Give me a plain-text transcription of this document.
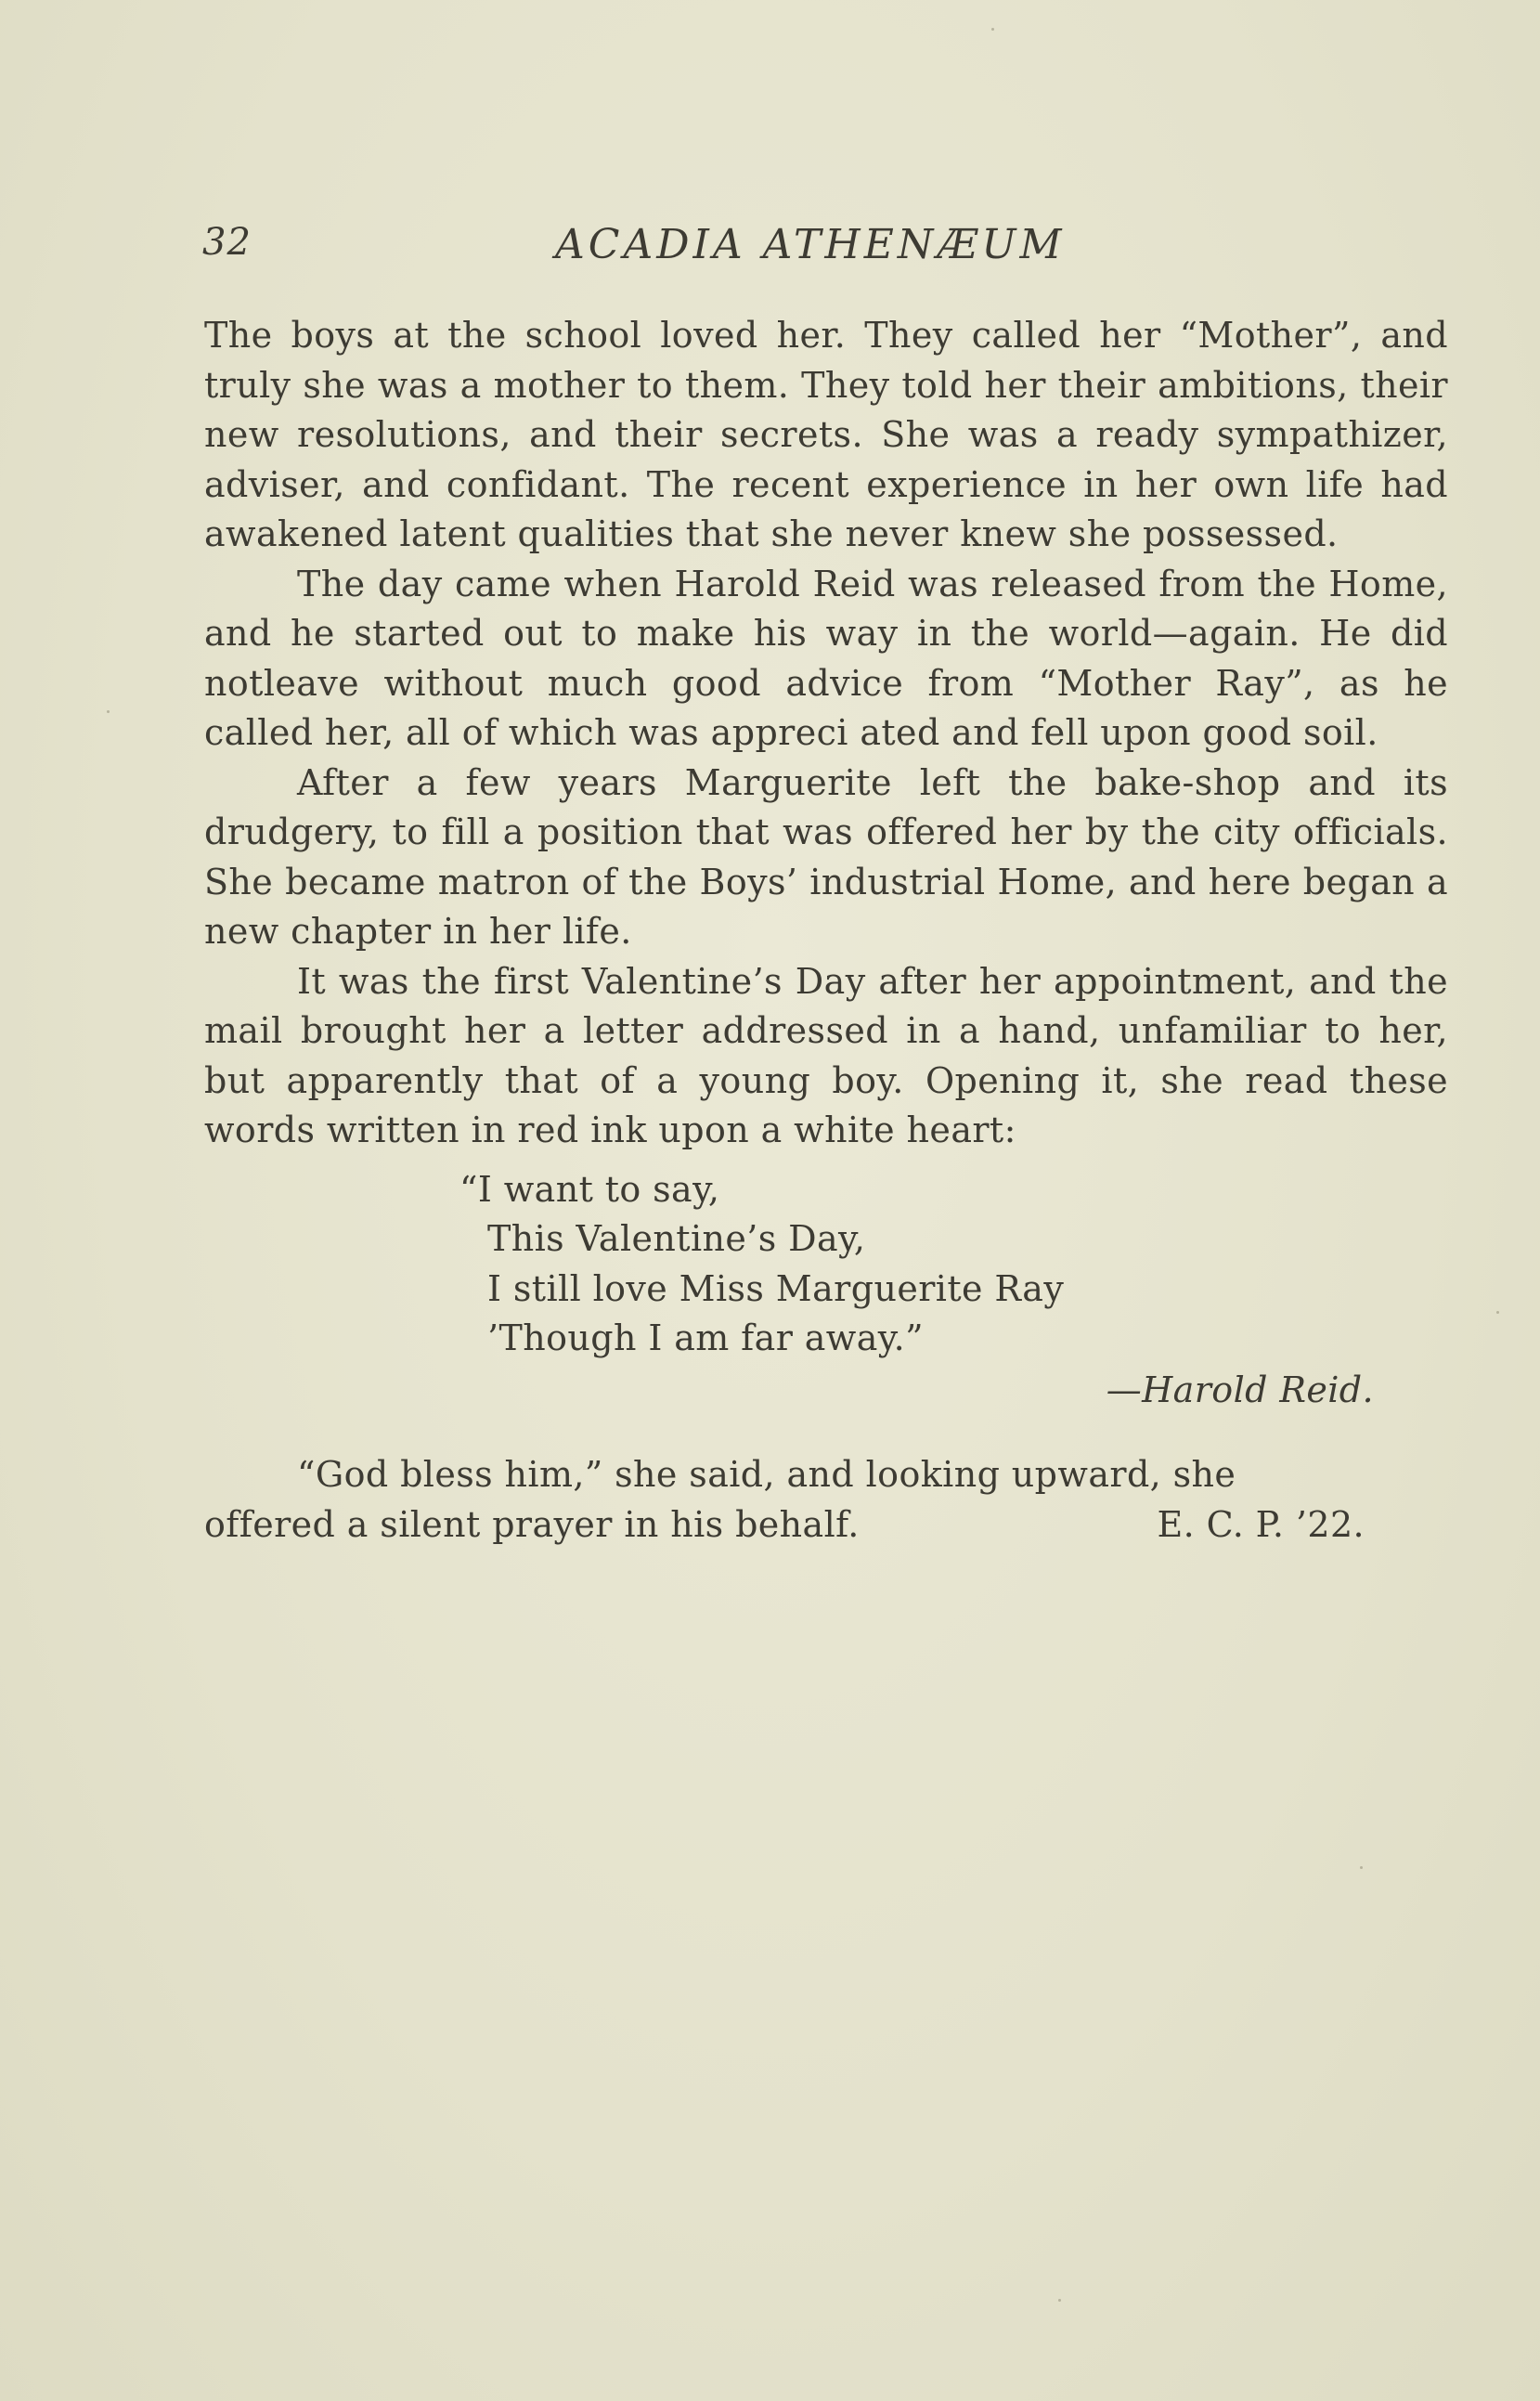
32	ACADIA ATHENÆUM

The boys at the school loved her. They called her “Mother”, and truly she was a mother to them. They told her their ambitions, their new resolutions, and their secrets. She was a ready sympathizer, adviser, and confidant. The recent experience in her own life had awakened latent qualities that she never knew she possessed.

The day came when Harold Reid was released from the Home, and he started out to make his way in the world—again. He did notleave without much good advice from “Mother Ray”, as he called her, all of which was appreci ated and fell upon good soil.

After a few years Marguerite left the bake-shop and its drudgery, to fill a position that was offered her by the city officials. She became matron of the Boys’ industrial Home, and here began a new chapter in her life.

It was the first Valentine’s Day after her appointment, and the mail brought her a letter addressed in a hand, unfamiliar to her, but apparently that of a young boy. Opening it, she read these words written in red ink upon a white heart:

“I want to say,
This Valentine’s Day,
I still love Miss Marguerite Ray
’Though I am far away.”
—Harold Reid.
“God bless him,” she said, and looking upward, she
offered a silent prayer in his behalf.	E. C. P. ’22.
